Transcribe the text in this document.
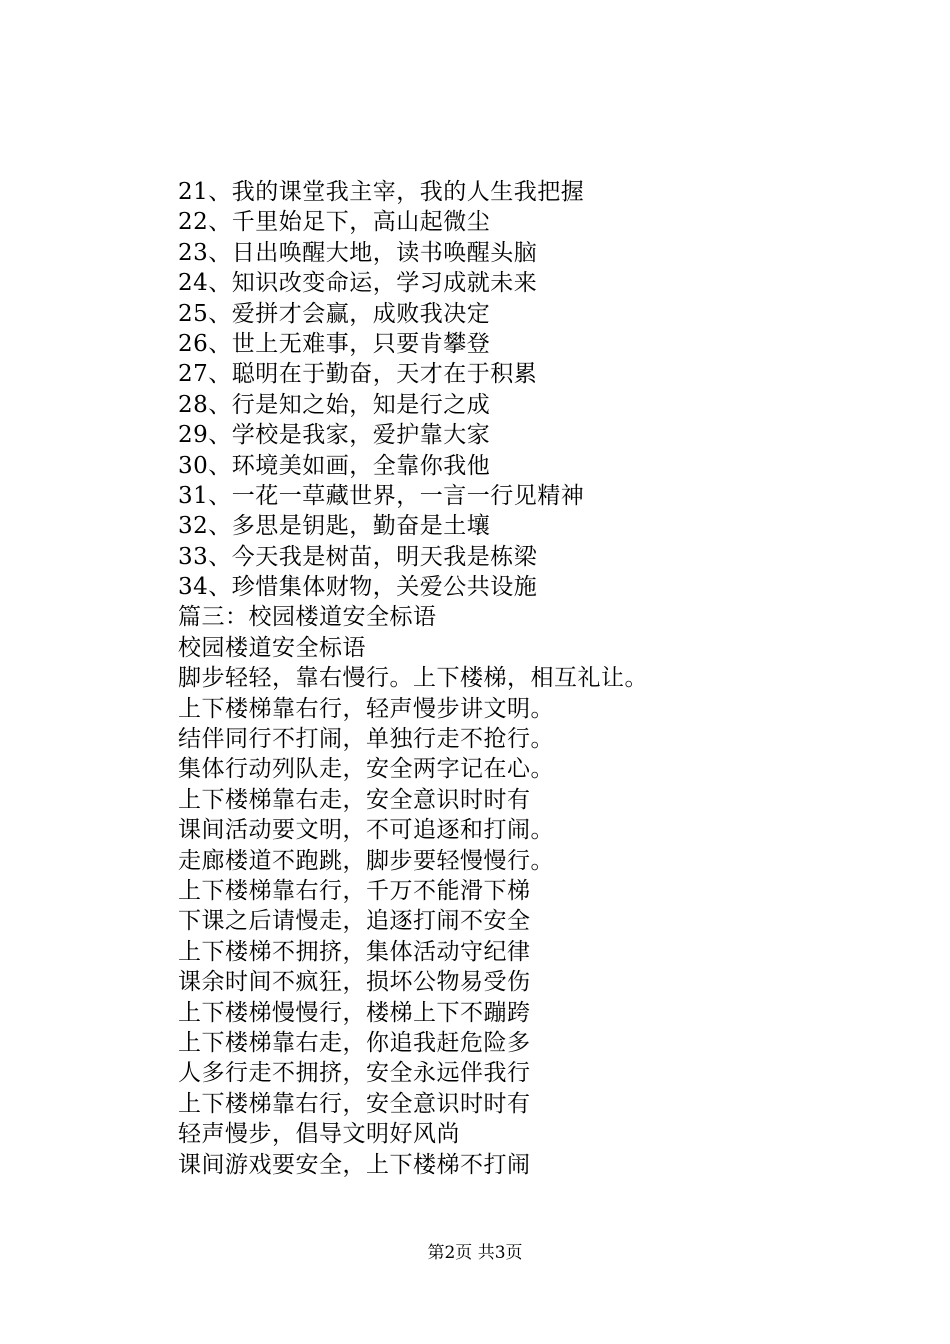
21、我的课堂我主宰，我的人生我把握
22、千里始足下，高山起微尘
23、日出唤醒大地，读书唤醒头脑
24、知识改变命运，学习成就未来
25、爱拼才会赢，成败我决定
26、世上无难事，只要肯攀登
27、聪明在于勤奋，天才在于积累
28、行是知之始，知是行之成
29、学校是我家，爱护靠大家
30、环境美如画，全靠你我他
31、一花一草藏世界，一言一行见精神
32、多思是钥匙，勤奋是土壤
33、今天我是树苗，明天我是栋梁
34、珍惜集体财物，关爱公共设施
篇三：校园楼道安全标语
校园楼道安全标语
脚步轻轻，靠右慢行。上下楼梯，相互礼让。
上下楼梯靠右行，轻声慢步讲文明。
结伴同行不打闹，单独行走不抢行。
集体行动列队走，安全两字记在心。
上下楼梯靠右走，安全意识时时有
课间活动要文明，不可追逐和打闹。
走廊楼道不跑跳，脚步要轻慢慢行。
上下楼梯靠右行，千万不能滑下梯
下课之后请慢走，追逐打闹不安全
上下楼梯不拥挤，集体活动守纪律
课余时间不疯狂，损坏公物易受伤
上下楼梯慢慢行，楼梯上下不蹦跨
上下楼梯靠右走，你追我赶危险多
人多行走不拥挤，安全永远伴我行
上下楼梯靠右行，安全意识时时有
轻声慢步，倡导文明好风尚
课间游戏要安全，上下楼梯不打闹
第2页 共3页
